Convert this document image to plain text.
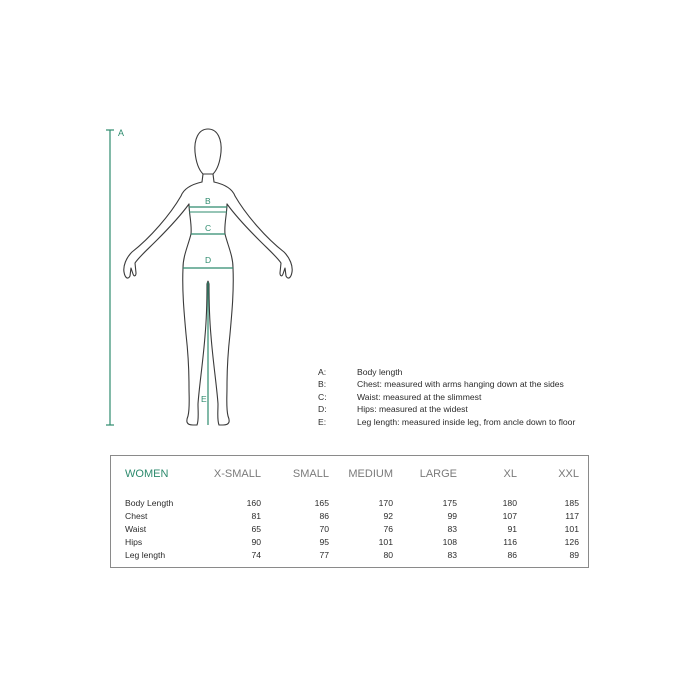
A
B
C
D
E
A:	Body length
B:	Chest: measured with arms hanging down at the sides
C:	Waist: measured at the slimmest
D:	Hips: measured at the widest
E:	Leg length: measured inside leg, from ancle down to floor
WOMEN	X-SMALL	SMALL	MEDIUM	LARGE	XL	XXL

Body Length	160	165	170	175	180	185
Chest	81	86	92	99	107	117
Waist	65	70	76	83	91	101
Hips	90	95	101	108	116	126
Leg length	74	77	80	83	86	89
